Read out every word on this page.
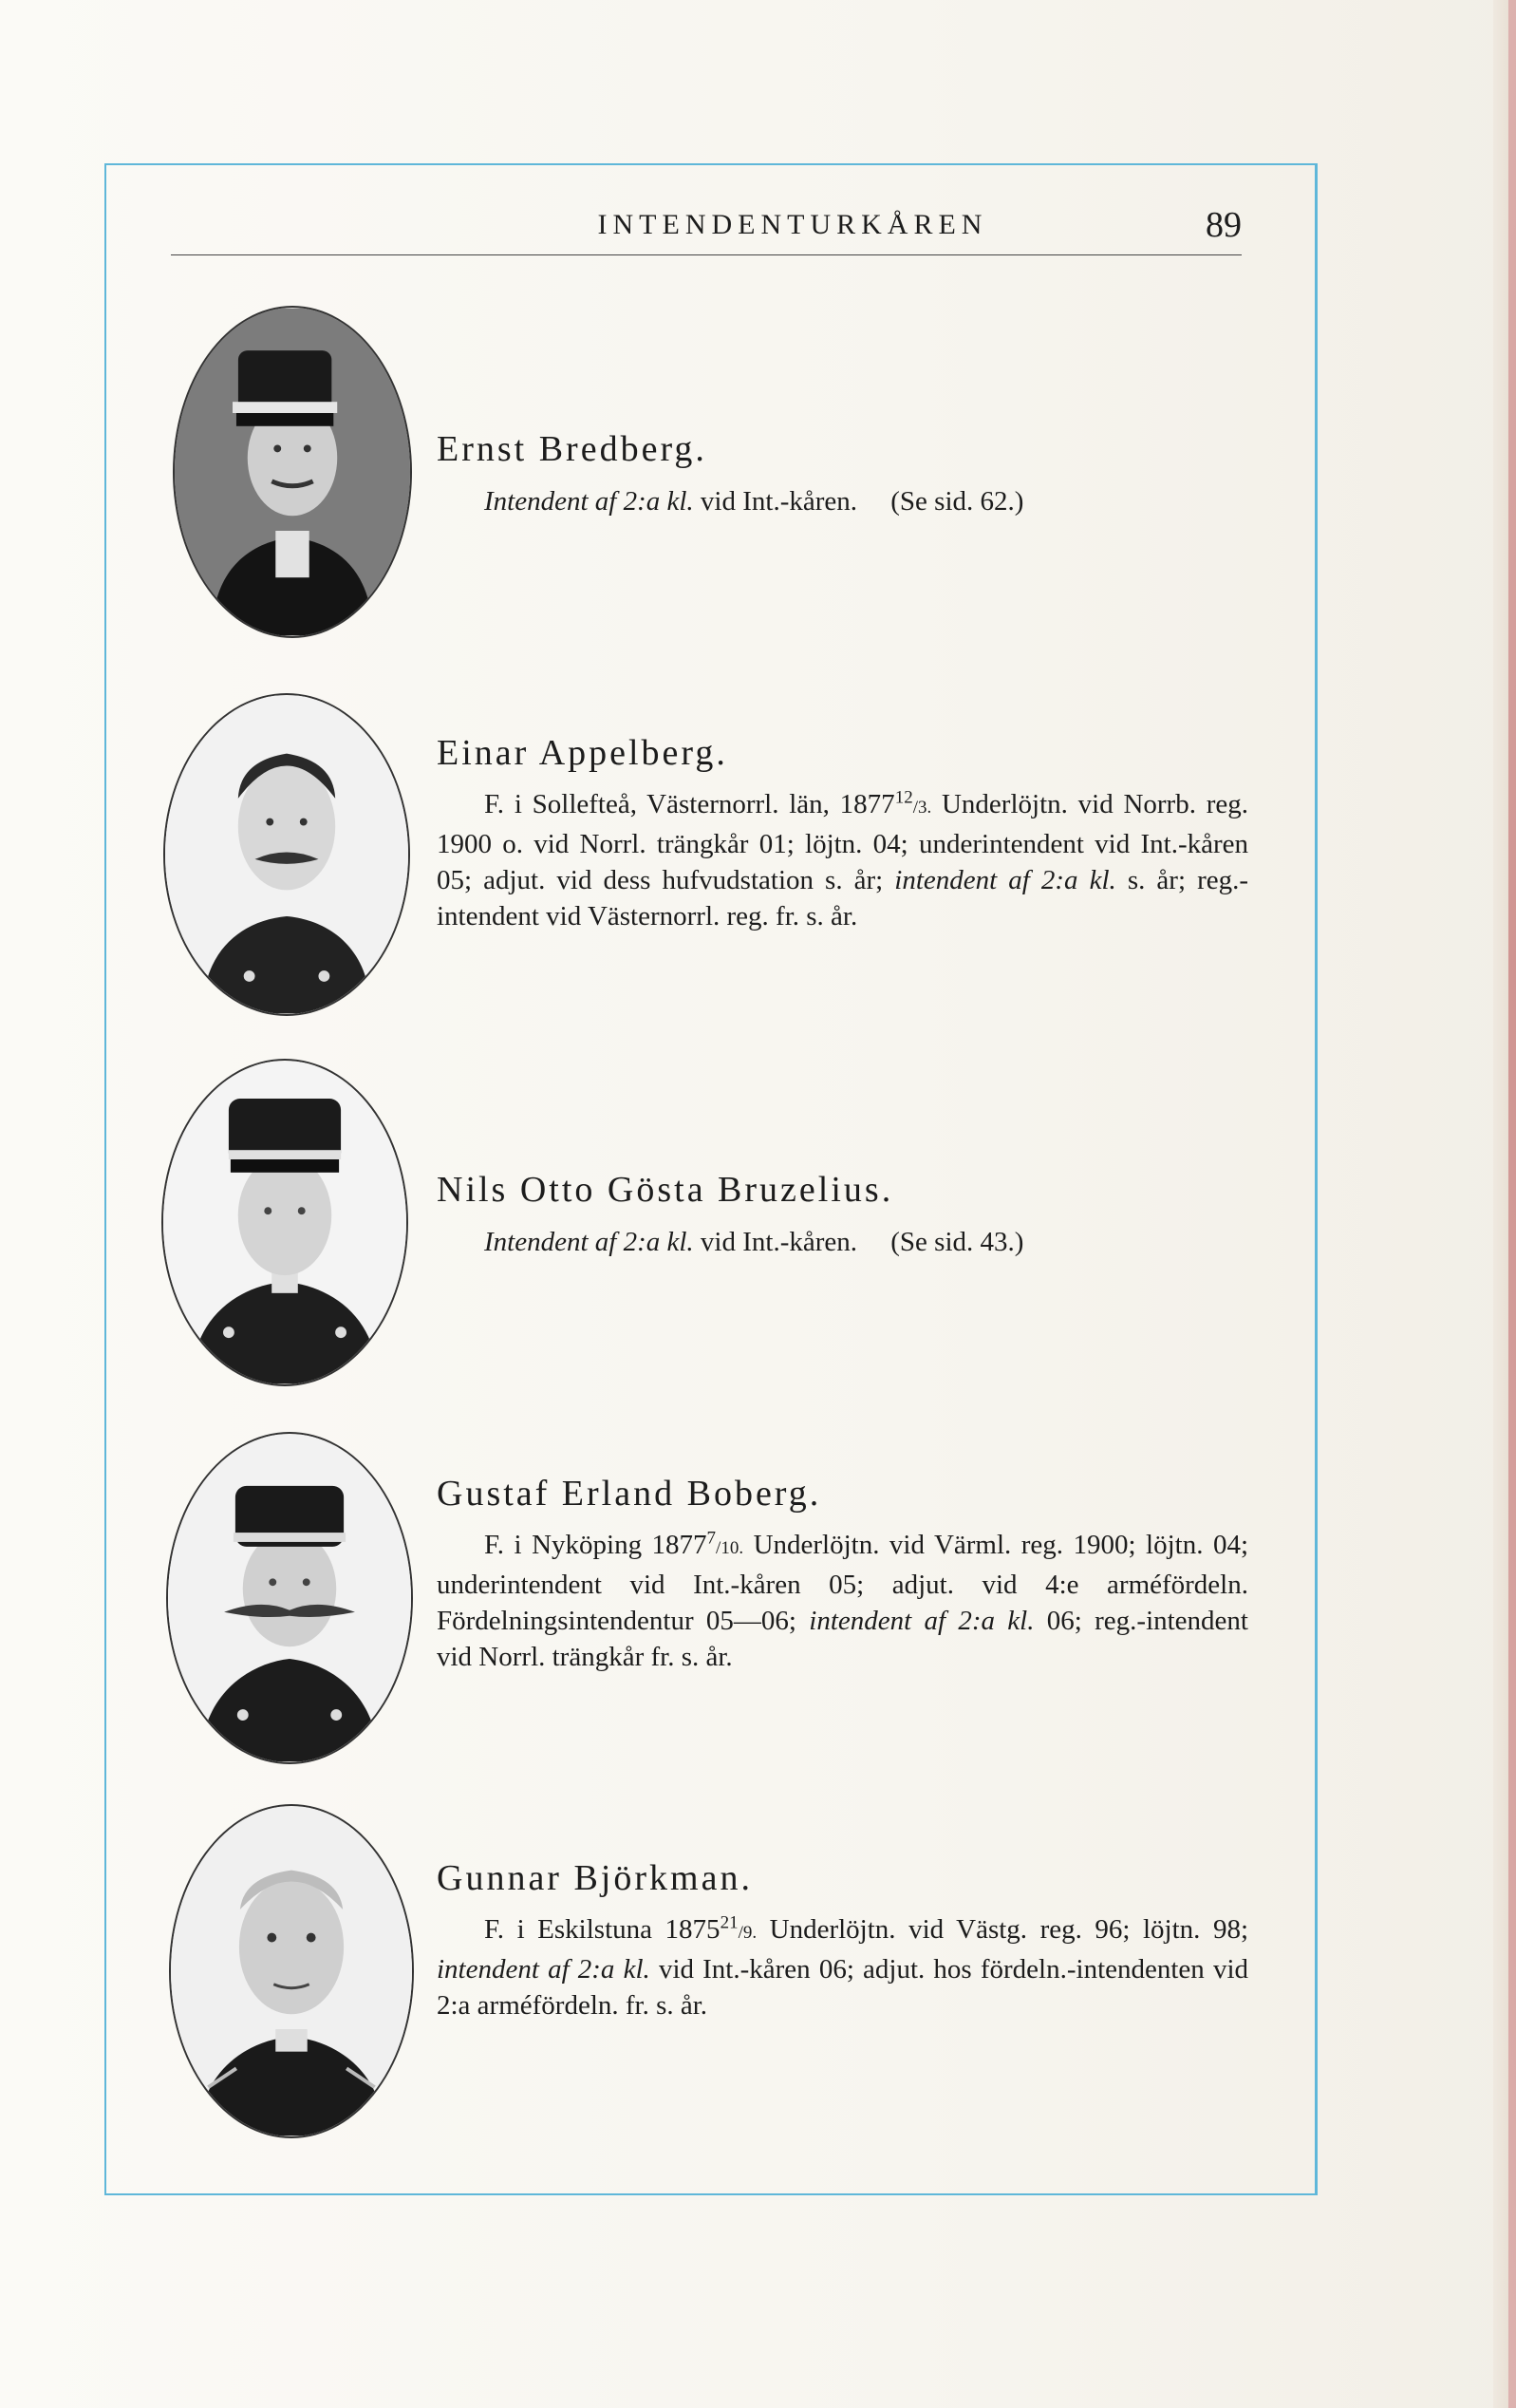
INTENDENTURKÅREN	89
Ernst Bredberg.
Intendent af 2:a kl. vid Int.-kåren. (Se sid. 62.)
Einar Appelberg.
F. i Sollefteå, Västernorrl. län, 1877$^{12}$/3. Underlöjtn. vid Norrb. reg. 1900 o. vid Norrl. trängkår 01; löjtn. 04; underintendent vid Int.-kåren 05; adjut. vid dess hufvudstation s. år; intendent af 2:a kl. s. år; reg.-intendent vid Västernorrl. reg. fr. s. år.
Nils Otto Gösta Bruzelius.
Intendent af 2:a kl. vid Int.-kåren. (Se sid. 43.)
Gustaf Erland Boberg.
F. i Nyköping 1877$^7$/10. Underlöjtn. vid Värml. reg. 1900; löjtn. 04; underintendent vid Int.-kåren 05; adjut. vid 4:e arméfördeln. Fördelningsintendentur 05—06; intendent af 2:a kl. 06; reg.-intendent vid Norrl. trängkår fr. s. år.
Gunnar Björkman.
F. i Eskilstuna 1875$^{21}$/9. Underlöjtn. vid Västg. reg. 96; löjtn. 98; intendent af 2:a kl. vid Int.-kåren 06; adjut. hos fördeln.-intendenten vid 2:a arméfördeln. fr. s. år.
